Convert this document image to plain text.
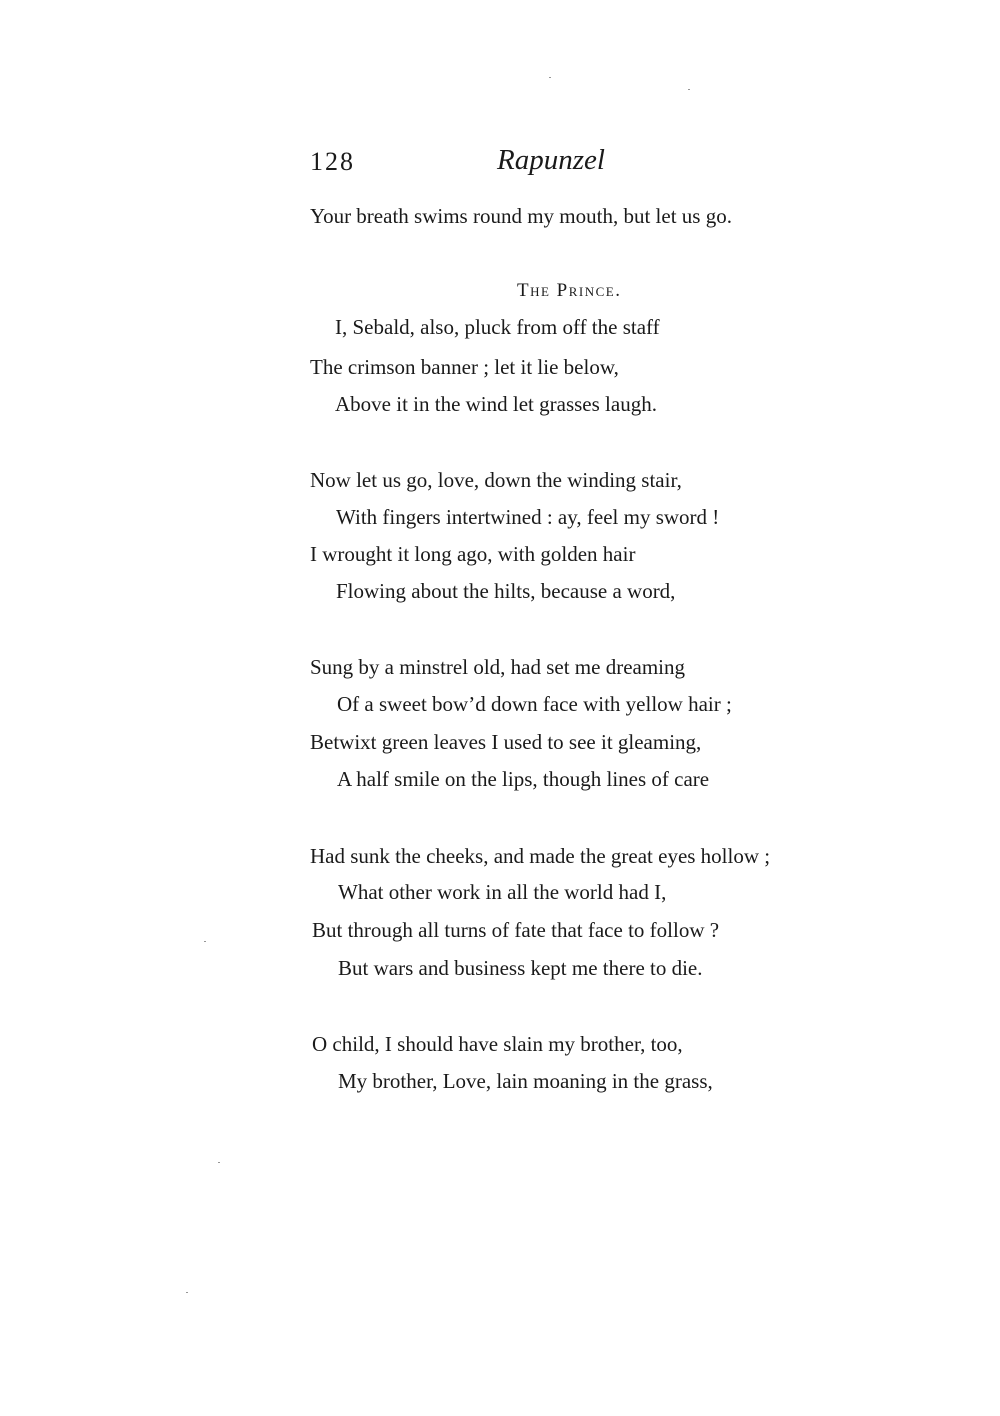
128	Rapunzel
Your breath swims round my mouth, but let us go.
The Prince.
I, Sebald, also, pluck from off the staff
The crimson banner ; let it lie below,
Above it in the wind let grasses laugh.
Now let us go, love, down the winding stair,
With fingers intertwined : ay, feel my sword !
I wrought it long ago, with golden hair
Flowing about the hilts, because a word,
Sung by a minstrel old, had set me dreaming
Of a sweet bow’d down face with yellow hair ;
Betwixt green leaves I used to see it gleaming,
A half smile on the lips, though lines of care
Had sunk the cheeks, and made the great eyes hollow ;
What other work in all the world had I,
But through all turns of fate that face to follow ?
But wars and business kept me there to die.
O child, I should have slain my brother, too,
My brother, Love, lain moaning in the grass,
